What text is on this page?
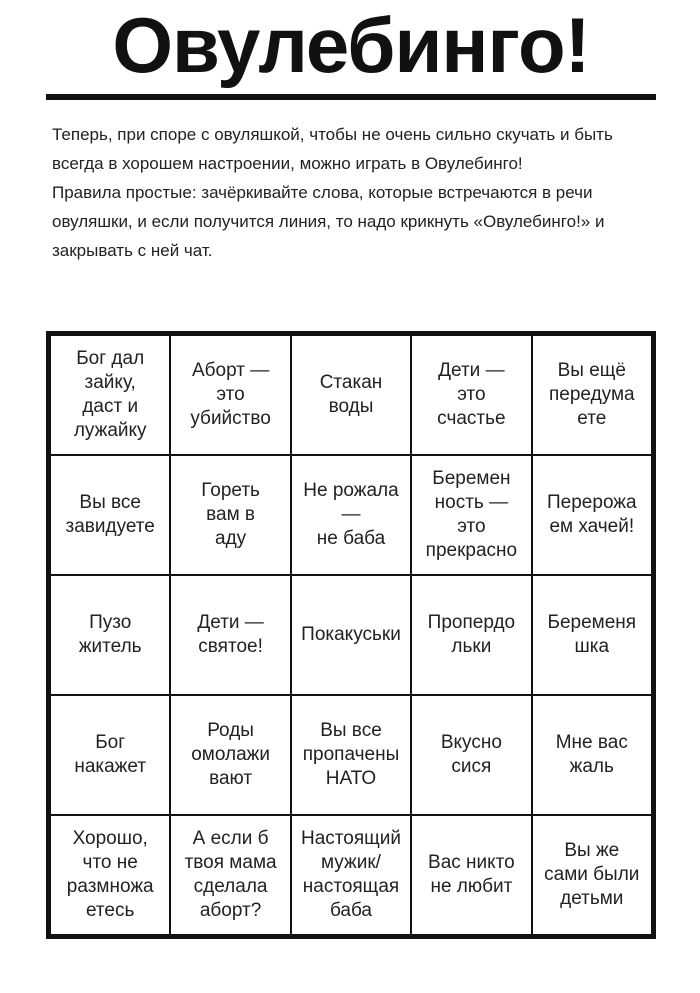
Овулебинго!

Теперь, при споре с овуляшкой, чтобы не очень сильно скучать и быть всегда в хорошем настроении, можно играть в Овулебинго!

Правила простые: зачёркивайте слова, которые встречаются в речи овуляшки, и если получится линия, то надо крикнуть «Овулебинго!» и закрывать с ней чат.

Бог дал
зайку,
даст и
лужайку
Аборт —
это
убийство
Стакан
воды
Дети —
это
счастье
Вы ещё
передума
ете
Вы все
завидуете
Гореть
вам в
аду
Не рожала
—
не баба
Беремен
ность —
это
прекрасно
Перерожа
ем хачей!
Пузо
житель
Дети —
святое!
Покакуськи
Пропердо
льки
Беременя
шка
Бог
накажет
Роды
омолажи
вают
Вы все
пропачены
НАТО
Вкусно
сися
Мне вас
жаль
Хорошо,
что не
размножа
етесь
А если б
твоя мама
сделала
аборт?
Настоящий
мужик/
настоящая
баба
Вас никто
не любит
Вы же
сами были
детьми
